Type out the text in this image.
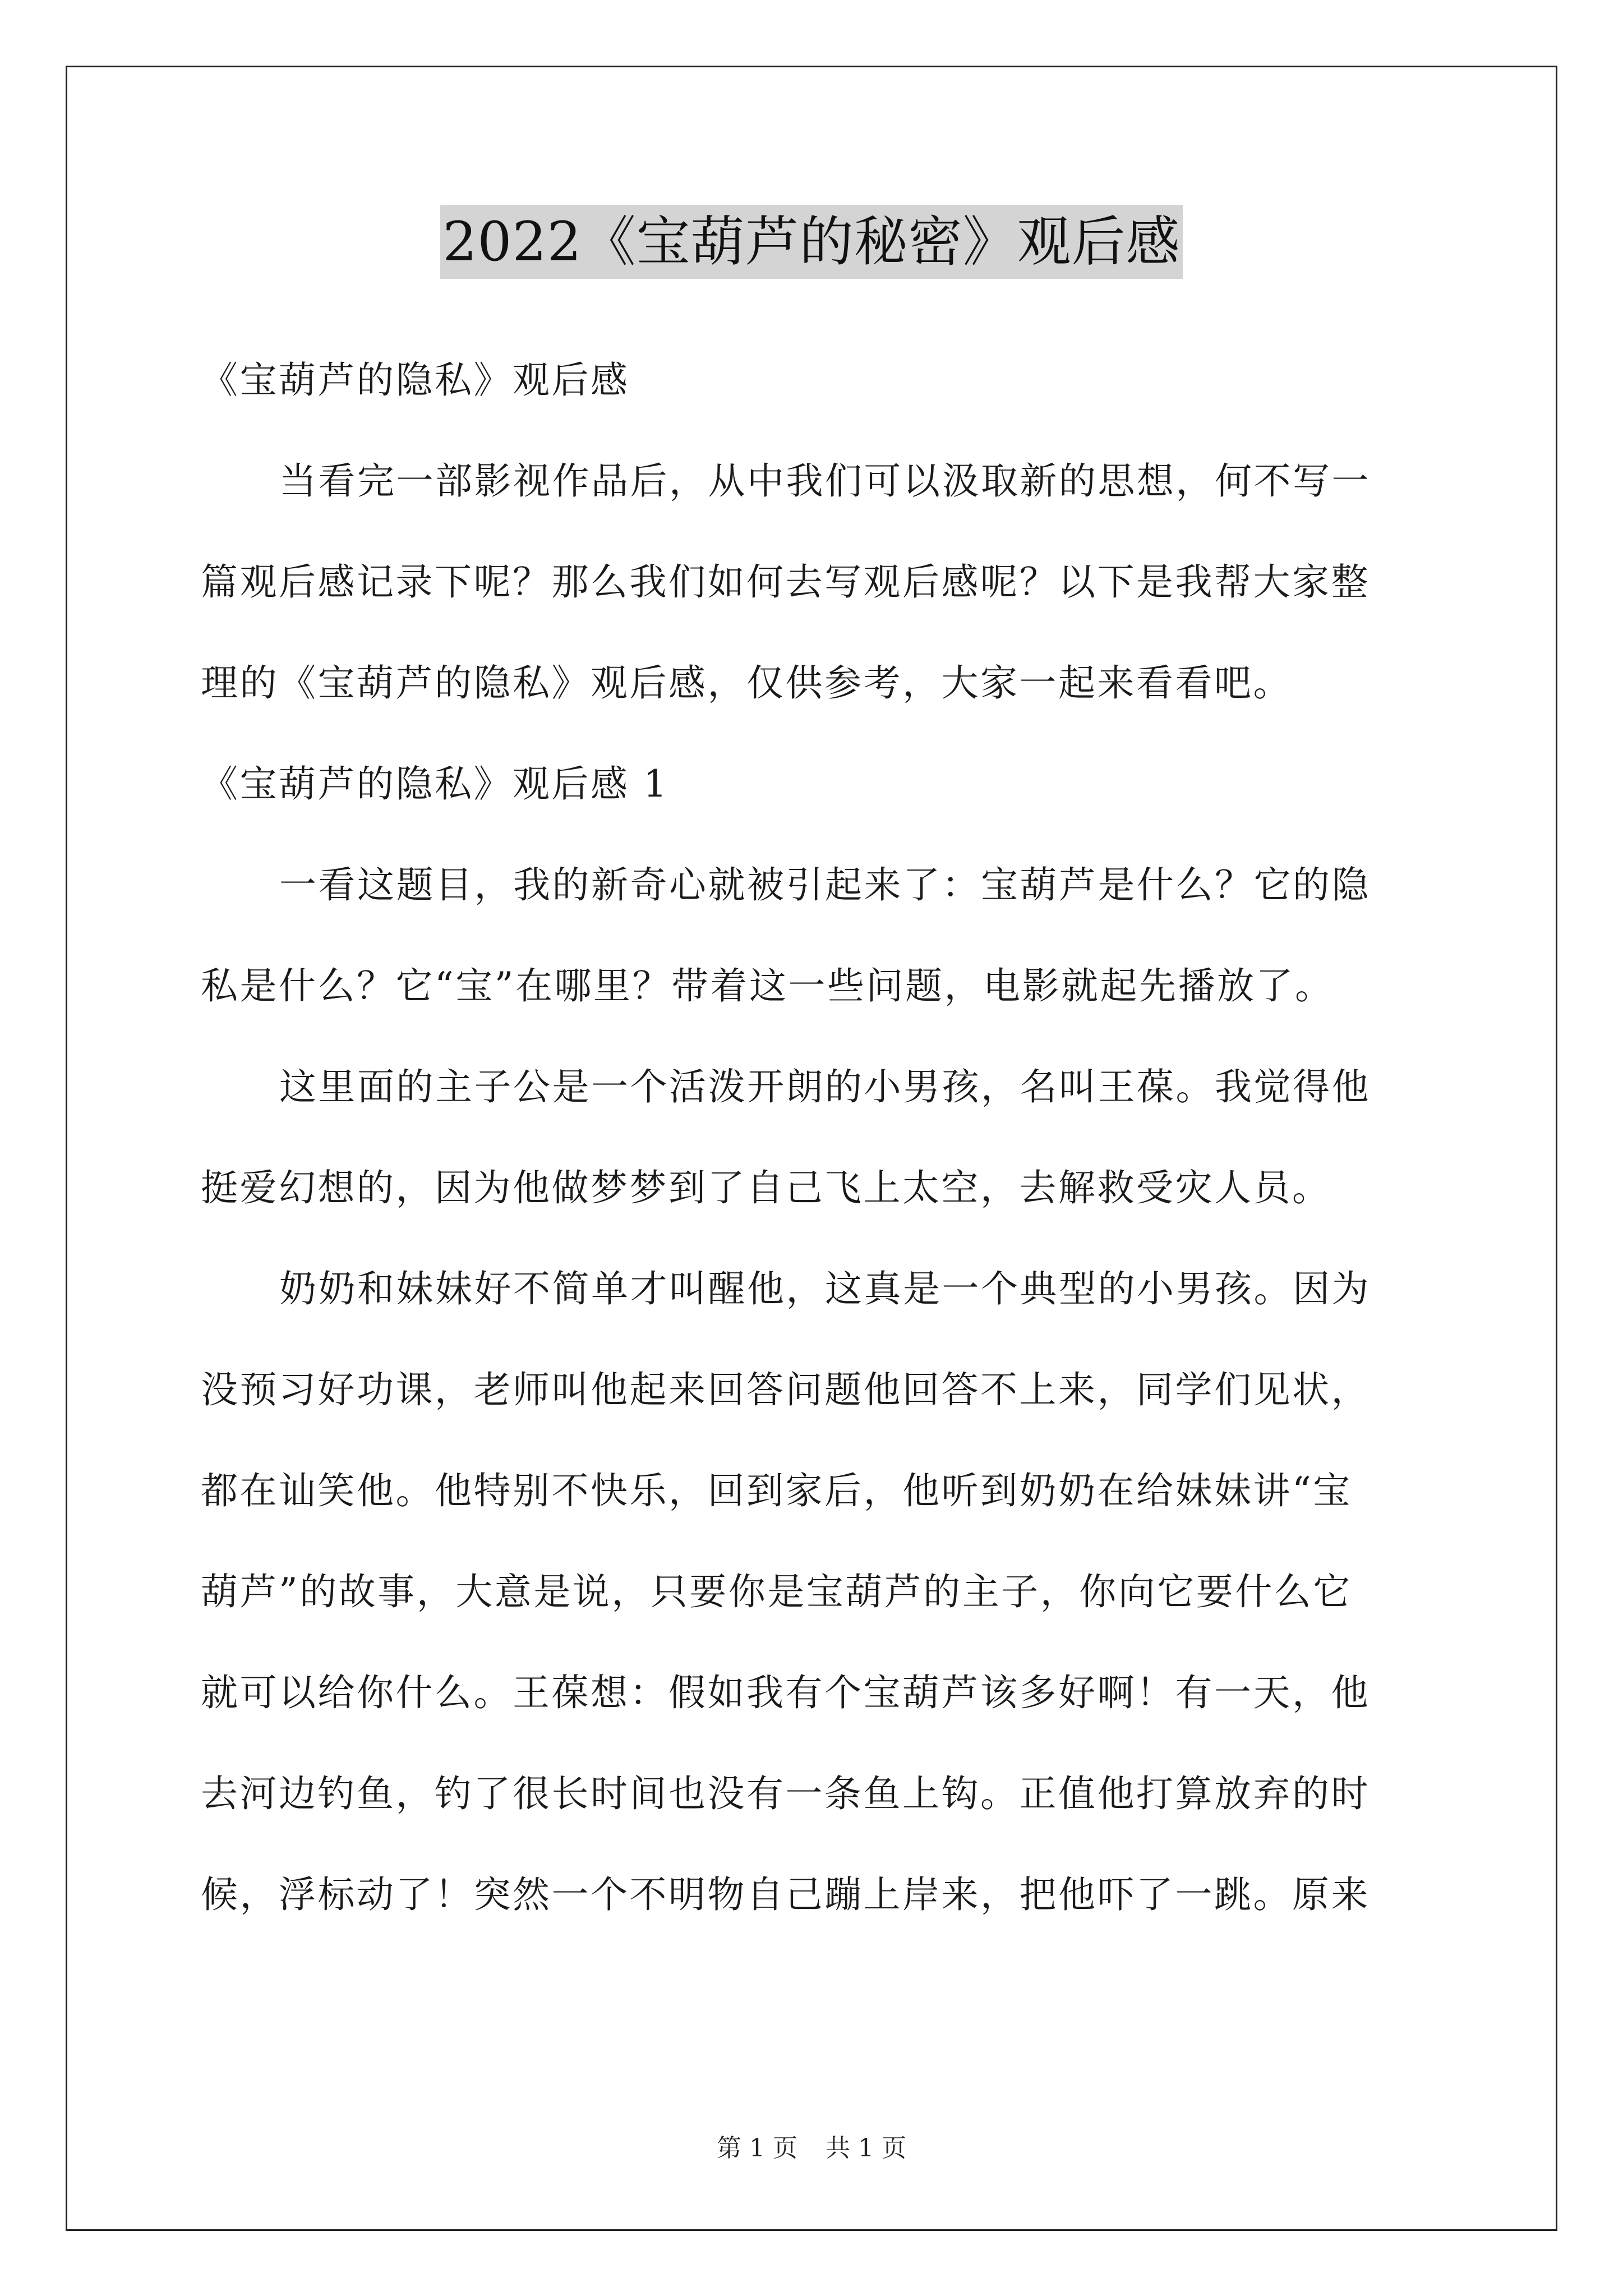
2022《宝葫芦的秘密》观后感
《宝葫芦的隐私》观后感
当看完一部影视作品后，从中我们可以汲取新的思想，何不写一
篇观后感记录下呢？那么我们如何去写观后感呢？以下是我帮大家整
理的《宝葫芦的隐私》观后感，仅供参考，大家一起来看看吧。
《宝葫芦的隐私》观后感 1
一看这题目，我的新奇心就被引起来了：宝葫芦是什么？它的隐
私是什么？它“宝”在哪里？带着这一些问题，电影就起先播放了。
这里面的主子公是一个活泼开朗的小男孩，名叫王葆。我觉得他
挺爱幻想的，因为他做梦梦到了自己飞上太空，去解救受灾人员。
奶奶和妹妹好不简单才叫醒他，这真是一个典型的小男孩。因为
没预习好功课，老师叫他起来回答问题他回答不上来，同学们见状，
都在讪笑他。他特别不快乐，回到家后，他听到奶奶在给妹妹讲“宝
葫芦”的故事，大意是说，只要你是宝葫芦的主子，你向它要什么它
就可以给你什么。王葆想：假如我有个宝葫芦该多好啊！有一天，他
去河边钓鱼，钓了很长时间也没有一条鱼上钩。正值他打算放弃的时
候，浮标动了！突然一个不明物自己蹦上岸来，把他吓了一跳。原来
第 1 页 共 1 页
